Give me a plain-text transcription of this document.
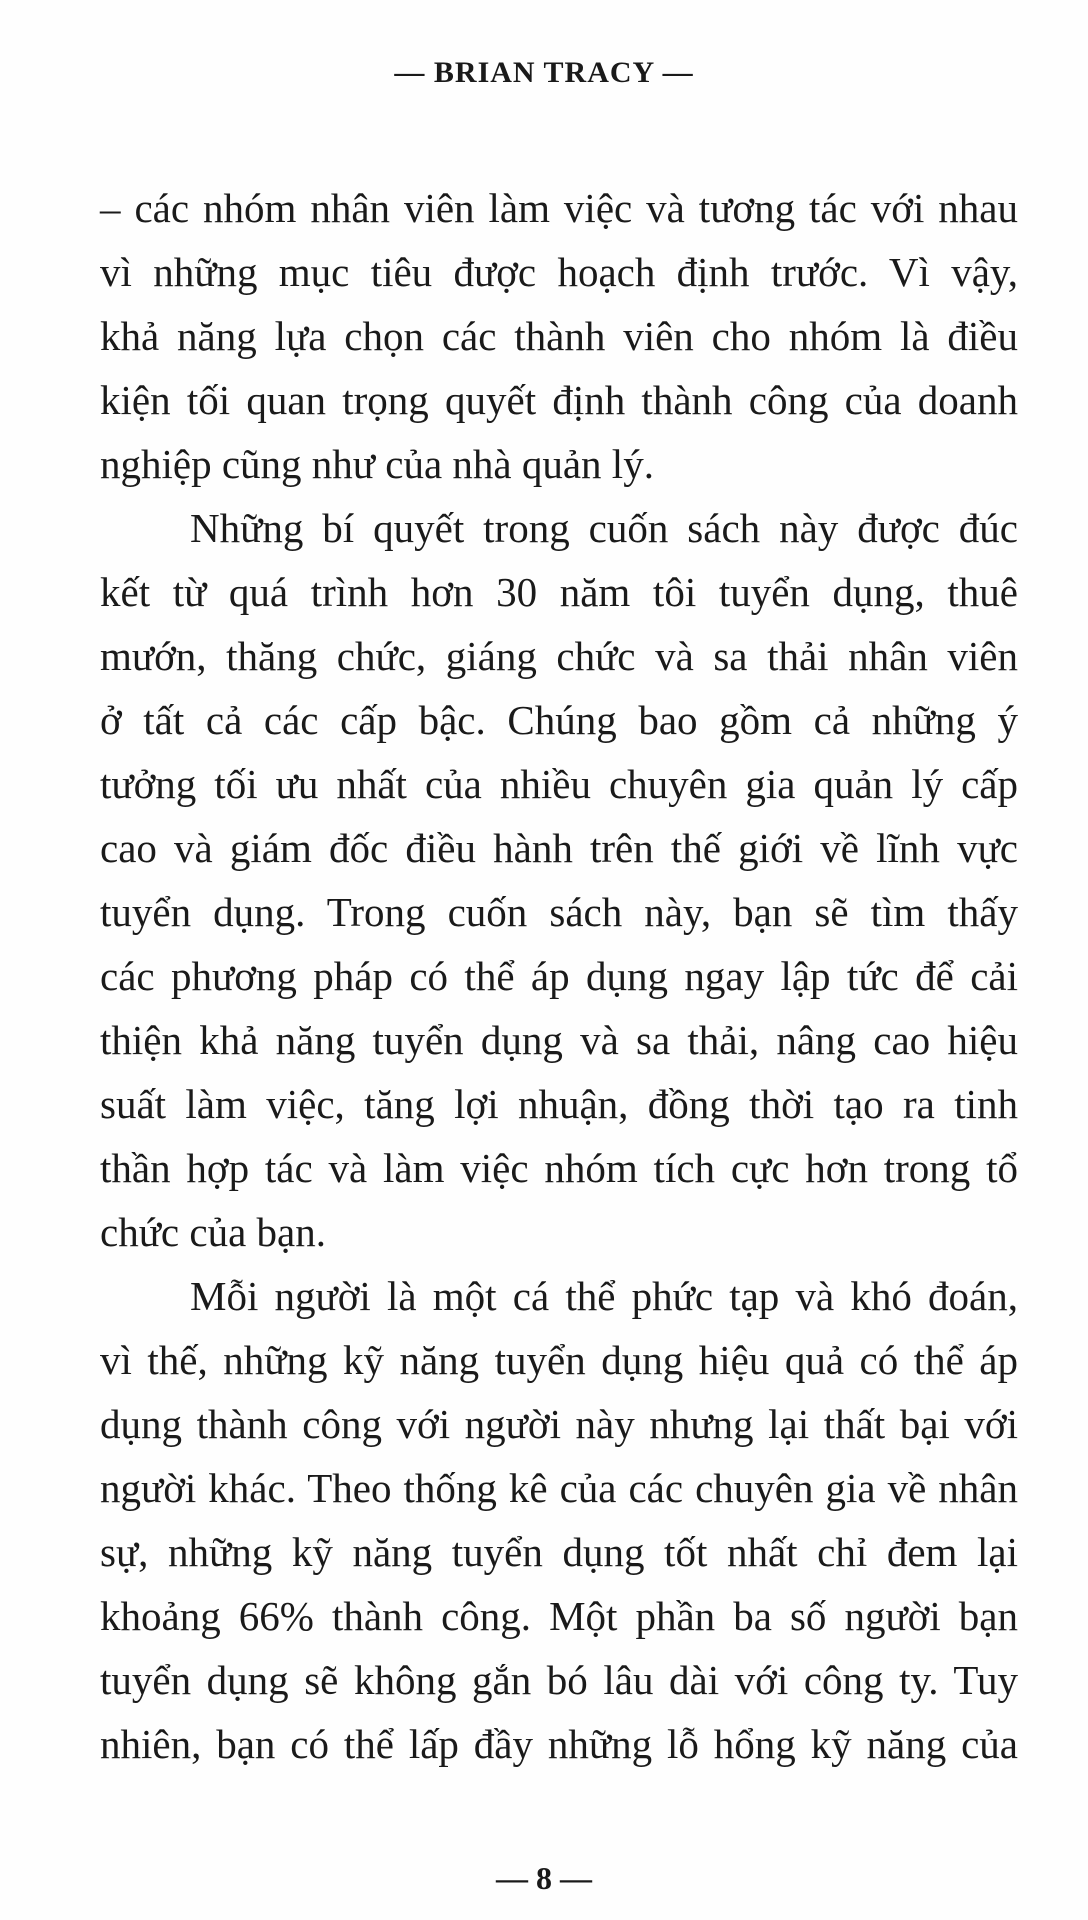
— BRIAN TRACY —
– các nhóm nhân viên làm việc và tương tác với nhau
vì những mục tiêu được hoạch định trước. Vì vậy,
khả năng lựa chọn các thành viên cho nhóm là điều
kiện tối quan trọng quyết định thành công của doanh
nghiệp cũng như của nhà quản lý.
Những bí quyết trong cuốn sách này được đúc
kết từ quá trình hơn 30 năm tôi tuyển dụng, thuê
mướn, thăng chức, giáng chức và sa thải nhân viên
ở tất cả các cấp bậc. Chúng bao gồm cả những ý
tưởng tối ưu nhất của nhiều chuyên gia quản lý cấp
cao và giám đốc điều hành trên thế giới về lĩnh vực
tuyển dụng. Trong cuốn sách này, bạn sẽ tìm thấy
các phương pháp có thể áp dụng ngay lập tức để cải
thiện khả năng tuyển dụng và sa thải, nâng cao hiệu
suất làm việc, tăng lợi nhuận, đồng thời tạo ra tinh
thần hợp tác và làm việc nhóm tích cực hơn trong tổ
chức của bạn.
Mỗi người là một cá thể phức tạp và khó đoán,
vì thế, những kỹ năng tuyển dụng hiệu quả có thể áp
dụng thành công với người này nhưng lại thất bại với
người khác. Theo thống kê của các chuyên gia về nhân
sự, những kỹ năng tuyển dụng tốt nhất chỉ đem lại
khoảng 66% thành công. Một phần ba số người bạn
tuyển dụng sẽ không gắn bó lâu dài với công ty. Tuy
nhiên, bạn có thể lấp đầy những lỗ hổng kỹ năng của
— 8 —
